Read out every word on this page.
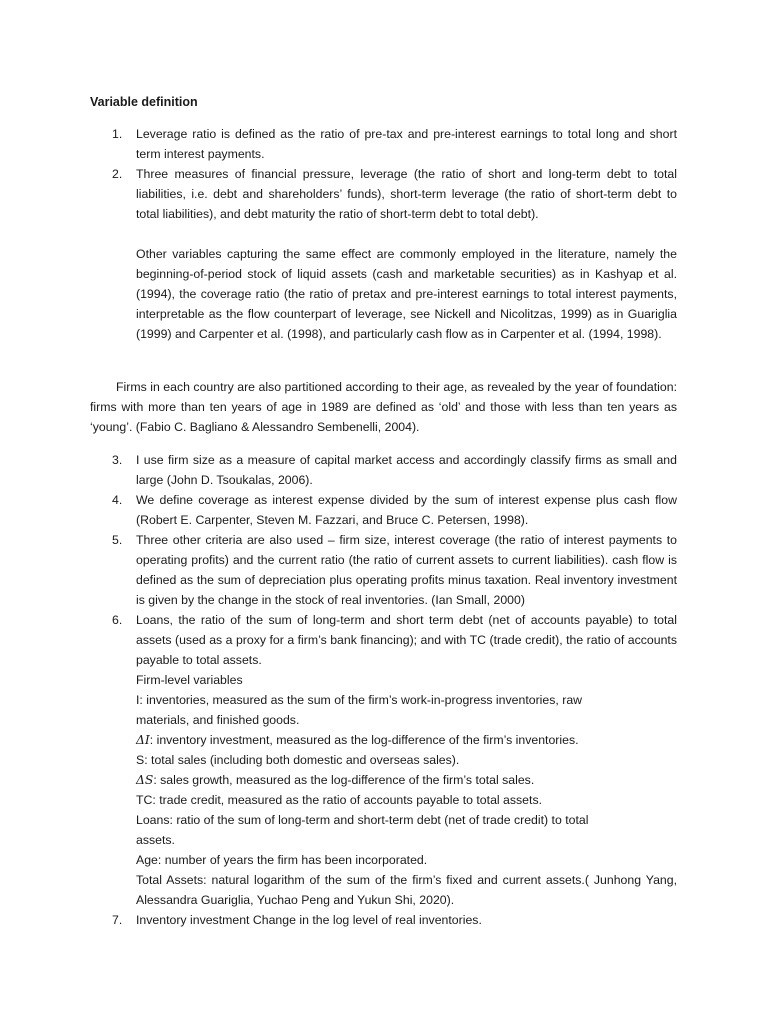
Variable definition
1. Leverage ratio is defined as the ratio of pre-tax and pre-interest earnings to total long and short term interest payments.

2. Three measures of financial pressure, leverage (the ratio of short and long-term debt to total liabilities, i.e. debt and shareholders’ funds), short-term leverage (the ratio of short-term debt to total liabilities), and debt maturity the ratio of short-term debt to total debt).

Other variables capturing the same effect are commonly employed in the literature, namely the beginning-of-period stock of liquid assets (cash and marketable securities) as in Kashyap et al. (1994), the coverage ratio (the ratio of pretax and pre-interest earnings to total interest payments, interpretable as the flow counterpart of leverage, see Nickell and Nicolitzas, 1999) as in Guariglia (1999) and Carpenter et al. (1998), and particularly cash flow as in Carpenter et al. (1994, 1998).

Firms in each country are also partitioned according to their age, as revealed by the year of foundation: firms with more than ten years of age in 1989 are defined as ‘old’ and those with less than ten years as ‘young’. (Fabio C. Bagliano & Alessandro Sembenelli, 2004).

3. I use firm size as a measure of capital market access and accordingly classify firms as small and large (John D. Tsoukalas, 2006).

4. We define coverage as interest expense divided by the sum of interest expense plus cash flow (Robert E. Carpenter, Steven M. Fazzari, and Bruce C. Petersen, 1998).

5. Three other criteria are also used – firm size, interest coverage (the ratio of interest payments to operating profits) and the current ratio (the ratio of current assets to current liabilities). cash flow is defined as the sum of depreciation plus operating profits minus taxation. Real inventory investment is given by the change in the stock of real inventories. (Ian Small, 2000)

6. Loans, the ratio of the sum of long-term and short term debt (net of accounts payable) to total assets (used as a proxy for a firm’s bank financing); and with TC (trade credit), the ratio of accounts payable to total assets.

Firm-level variables
I: inventories, measured as the sum of the firm’s work-in-progress inventories, raw
materials, and finished goods.
ΔI: inventory investment, measured as the log-difference of the firm’s inventories.
S: total sales (including both domestic and overseas sales).
ΔS: sales growth, measured as the log-difference of the firm’s total sales.
TC: trade credit, measured as the ratio of accounts payable to total assets.
Loans: ratio of the sum of long-term and short-term debt (net of trade credit) to total
assets.
Age: number of years the firm has been incorporated.
Total Assets: natural logarithm of the sum of the firm’s fixed and current assets.( Junhong Yang, Alessandra Guariglia, Yuchao Peng and Yukun Shi, 2020).
7. Inventory investment Change in the log level of real inventories.
